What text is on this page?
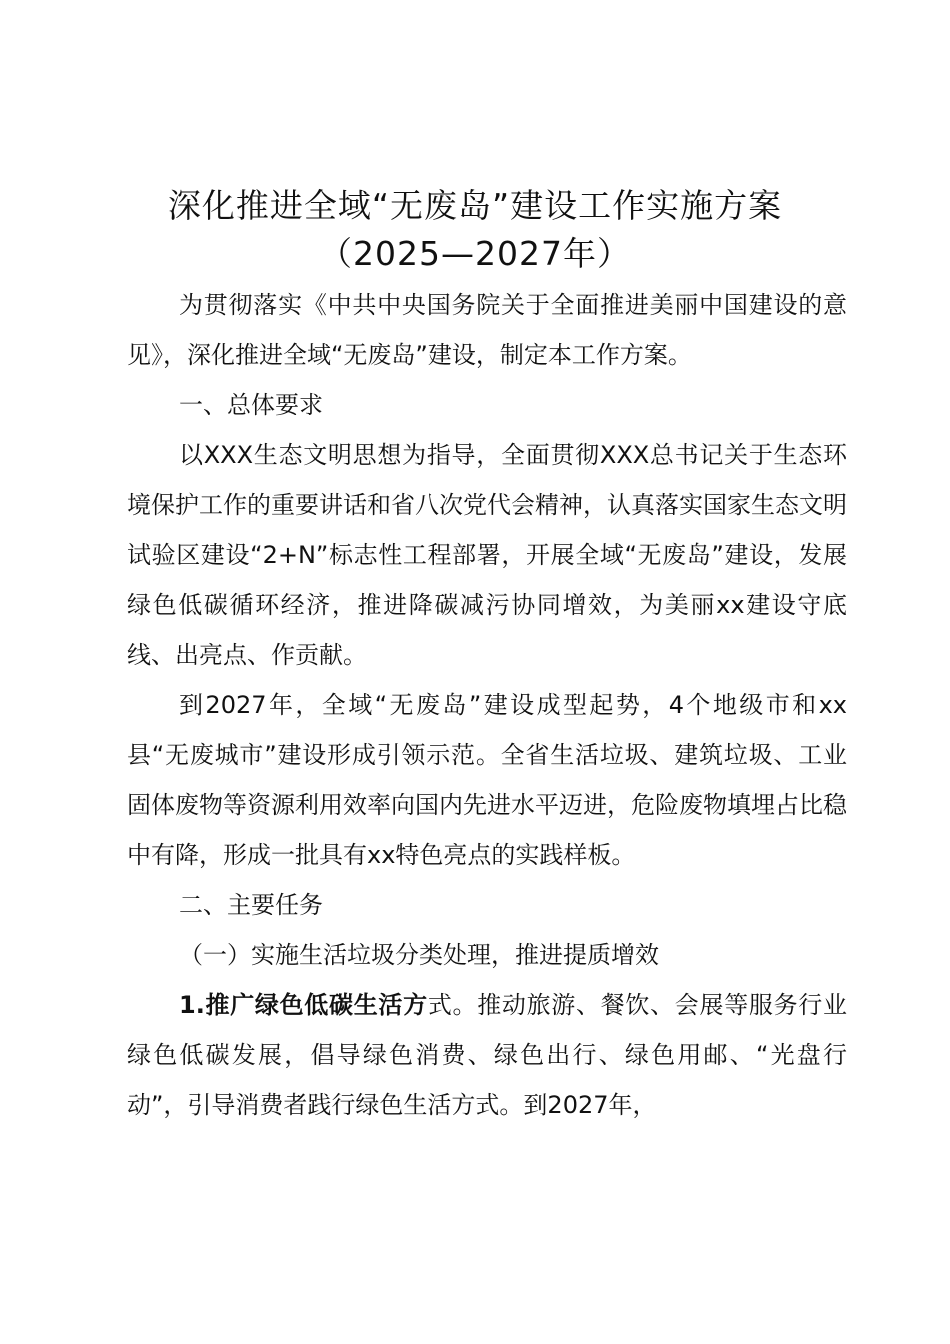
深化推进全域“无废岛”建设工作实施方案
（2025—2027年）

为贯彻落实《中共中央国务院关于全面推进美丽中国建设的意见》，深化推进全域“无废岛”建设，制定本工作方案。

一、总体要求

以XXX生态文明思想为指导，全面贯彻XXX总书记关于生态环境保护工作的重要讲话和省八次党代会精神，认真落实国家生态文明试验区建设“2+N”标志性工程部署，开展全域“无废岛”建设，发展绿色低碳循环经济，推进降碳减污协同增效，为美丽xx建设守底线、出亮点、作贡献。

到2027年，全域“无废岛”建设成型起势，4个地级市和xx县“无废城市”建设形成引领示范。全省生活垃圾、建筑垃圾、工业固体废物等资源利用效率向国内先进水平迈进，危险废物填埋占比稳中有降，形成一批具有xx特色亮点的实践样板。

二、主要任务

（一）实施生活垃圾分类处理，推进提质增效

1.推广绿色低碳生活方式。推动旅游、餐饮、会展等服务行业绿色低碳发展，倡导绿色消费、绿色出行、绿色用邮、“光盘行动”，引导消费者践行绿色生活方式。到2027年，
